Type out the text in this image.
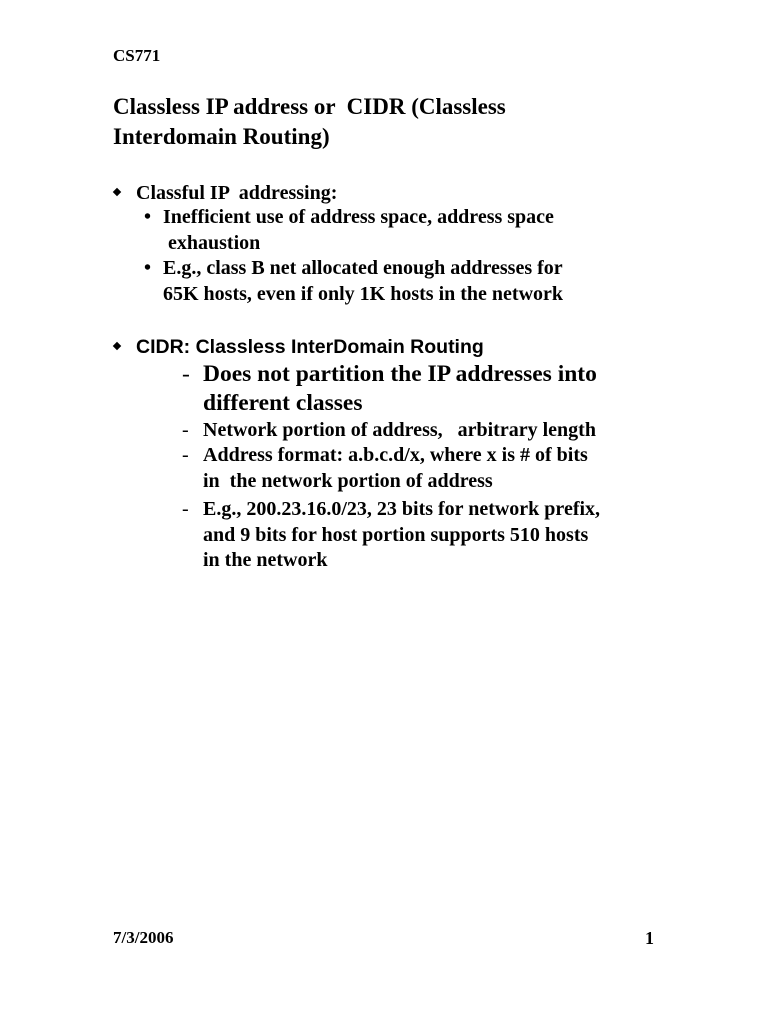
CS771
Classless IP address or  CIDR (Classless
Interdomain Routing)
Classful IP  addressing:
• Inefficient use of address space, address space
exhaustion
• E.g., class B net allocated enough addresses for
65K hosts, even if only 1K hosts in the network
CIDR: Classless InterDomain Routing
- Does not partition the IP addresses into
different classes
- Network portion of address,   arbitrary length
- Address format: a.b.c.d/x, where x is # of bits
in  the network portion of address
- E.g., 200.23.16.0/23, 23 bits for network prefix,
and 9 bits for host portion supports 510 hosts
in the network
7/3/2006	1
